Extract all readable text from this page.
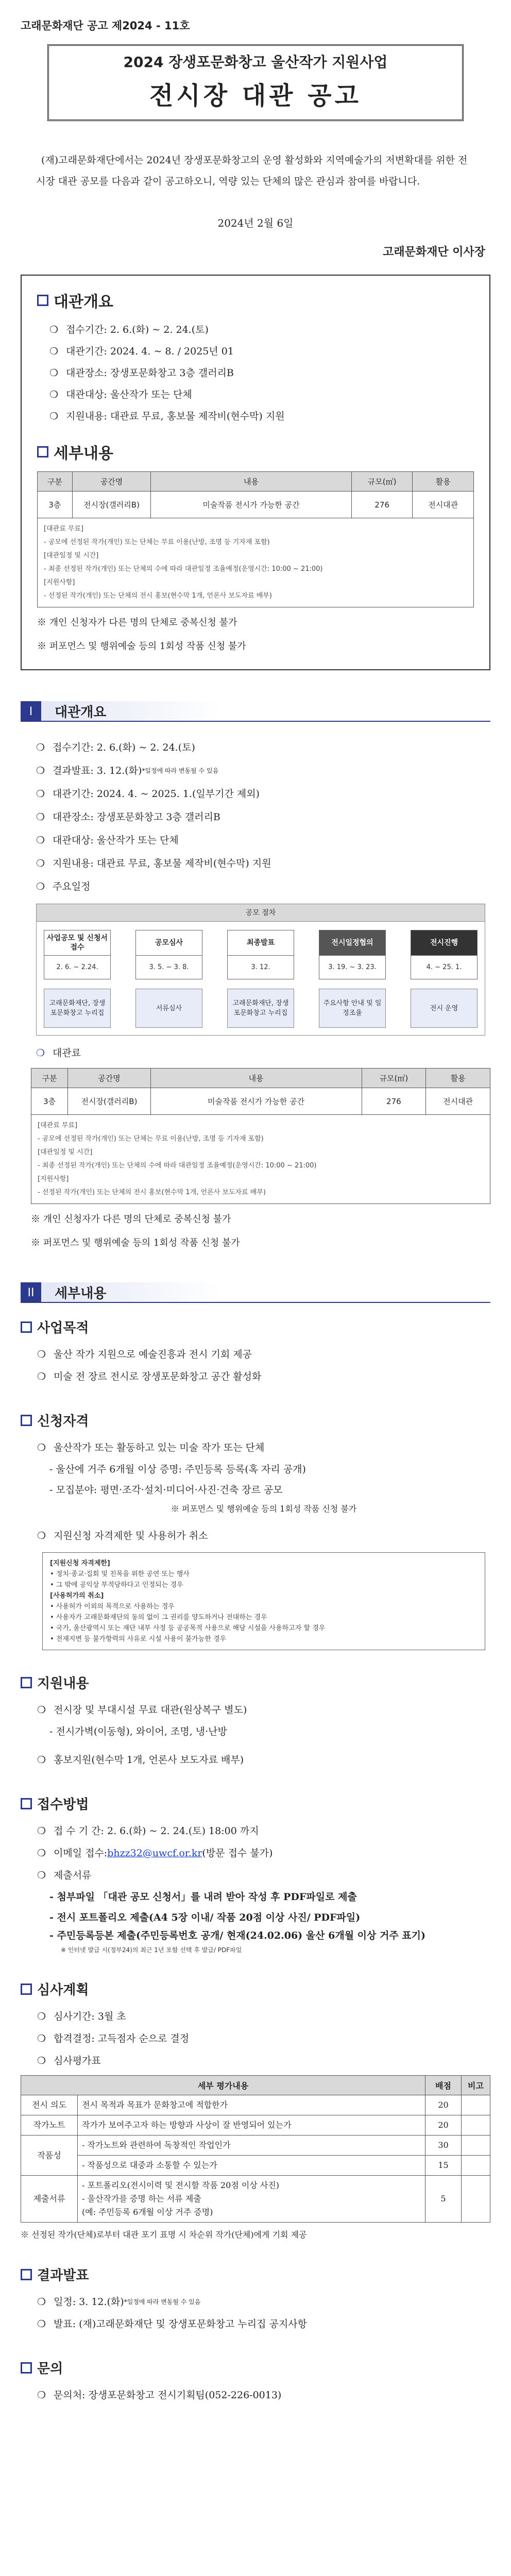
고래문화재단 공고 제2024 - 11호
2024 장생포문화창고 울산작가 지원사업
전시장 대관 공고

(재)고래문화재단에서는 2024년 장생포문화창고의 운영 활성화와 지역예술가의 저변확대를 위한 전시장 대관 공모를 다음과 같이 공고하오니, 역량 있는 단체의 많은 관심과 참여를 바랍니다.

2024년 2월 6일
고래문화재단 이사장
대관개요
❍ 접수기간: 2. 6.(화) ~ 2. 24.(토)
❍ 대관기간: 2024. 4. ~ 8. / 2025년 01
❍ 대관장소: 장생포문화창고 3층 갤러리B
❍ 대관대상: 울산작가 또는 단체
❍ 지원내용: 대관료 무료, 홍보물 제작비(현수막) 지원
세부내용
구분	공간명	내용	규모(㎡)	활용
3층	전시장(갤러리B)	미술작품 전시가 가능한 공간	276	전시대관
[대관료 무료]
- 공모에 선정된 작가(개인) 또는 단체는 무료 이용(난방, 조명 등 기자재 포함)
[대관일정 및 시간]
- 최종 선정된 작가(개인) 또는 단체의 수에 따라 대관일정 조율예정(운영시간: 10:00 ~ 21:00)
[지원사항]
- 선정된 작가(개인) 또는 단체의 전시 홍보(현수막 1개, 언론사 보도자료 배부)
※ 개인 신청자가 다른 명의 단체로 중복신청 불가
※ 퍼포먼스 및 행위예술 등의 1회성 작품 신청 불가
I	대관개요
❍ 접수기간: 2. 6.(화) ~ 2. 24.(토)
❍ 결과발표: 3. 12.(화) *일정에 따라 변동될 수 있음
❍ 대관기간: 2024. 4. ~ 2025. 1.(일부기간 제외)
❍ 대관장소: 장생포문화창고 3층 갤러리B
❍ 대관대상: 울산작가 또는 단체
❍ 지원내용: 대관료 무료, 홍보물 제작비(현수막) 지원
❍ 주요일정
공모 절차
사업공모 및 신청서 접수
2. 6. ~ 2.24.
고래문화재단, 장생포문화창고 누리집
공모심사
3. 5. ~ 3. 8.
서류심사
최종발표
3. 12.
고래문화재단, 장생포문화창고 누리집
전시일정협의
3. 19. ~ 3. 23.
주요사항 안내 및 일정조율
전시진행
4. ~ 25. 1.
전시 운영
❍ 대관료
구분	공간명	내용	규모(㎡)	활용
3층	전시장(갤러리B)	미술작품 전시가 가능한 공간	276	전시대관
[대관료 무료]
- 공모에 선정된 작가(개인) 또는 단체는 무료 이용(난방, 조명 등 기자재 포함)
[대관일정 및 시간]
- 최종 선정된 작가(개인) 또는 단체의 수에 따라 대관일정 조율예정(운영시간: 10:00 ~ 21:00)
[지원사항]
- 선정된 작가(개인) 또는 단체의 전시 홍보(현수막 1개, 언론사 보도자료 배부)
※ 개인 신청자가 다른 명의 단체로 중복신청 불가
※ 퍼포먼스 및 행위예술 등의 1회성 작품 신청 불가
II	세부내용
사업목적
❍ 울산 작가 지원으로 예술진흥과 전시 기회 제공
❍ 미술 전 장르 전시로 장생포문화창고 공간 활성화
신청자격
❍ 울산작가 또는 활동하고 있는 미술 작가 또는 단체
- 울산에 거주 6개월 이상 증명: 주민등록 등록(혹 자리 공개)
- 모집분야: 평면·조각·설치·미디어·사진·건축 장르 공모
※ 퍼포먼스 및 행위예술 등의 1회성 작품 신청 불가
❍ 지원신청 자격제한 및 사용허가 취소
[지원신청 자격제한]
• 정치·종교·집회 및 친목을 위한 공연 또는 행사
• 그 밖에 공익상 부적당하다고 인정되는 경우
[사용허가의 취소]
• 사용허가 이외의 목적으로 사용하는 경우
• 사용자가 고래문화재단의 동의 없이 그 권리를 양도하거나 전대하는 경우
• 국가, 울산광역시 또는 재단 내부 사정 등 공공목적 사용으로 해당 시설을 사용하고자 할 경우
• 천재지변 등 불가항력의 사유로 시설 사용이 불가능한 경우
지원내용
❍ 전시장 및 부대시설 무료 대관(원상복구 별도)
- 전시가벽(이동형), 와이어, 조명, 냉·난방
❍ 홍보지원(현수막 1개, 언론사 보도자료 배부)
접수방법
❍ 접 수 기 간: 2. 6.(화) ~ 2. 24.(토) 18:00 까지
❍ 이메일 접수: bhzz32@uwcf.or.kr (방문 접수 불가)
❍ 제출서류
- 첨부파일 「대관 공모 신청서」를 내려 받아 작성 후 PDF파일로 제출
- 전시 포트폴리오 제출(A4 5장 이내/ 작품 20점 이상 사진/ PDF파일)
- 주민등록등본 제출(주민등록번호 공개/ 현재(24.02.06) 울산 6개월 이상 거주 표기)
※ 인터넷 발급 시(정부24)의 최근 1년 포함 선택 후 발급/ PDF파일
심사계획
❍ 심사기간: 3월 초
❍ 합격결정: 고득점자 순으로 결정
❍ 심사평가표
세부 평가내용		배점	비고
전시 의도	전시 목적과 목표가 문화창고에 적합한가	20	
작가노트	작가가 보여주고자 하는 방향과 사상이 잘 반영되어 있는가	20	
작품성	- 작가노트와 관련하여 독창적인 작업인가	30	
	- 작품성으로 대중과 소통할 수 있는가	15	
제출서류	- 포트폴리오(전시이력 및 전시할 작품 20점 이상 사진)
- 울산작가를 증명 하는 서류 제출
(예: 주민등록 6개월 이상 거주 증명)	5	
※ 선정된 작가(단체)로부터 대관 포기 표명 시 차순위 작가(단체)에게 기회 제공
결과발표
❍ 일정: 3. 12.(화) *일정에 따라 변동될 수 있음
❍ 발표: (재)고래문화재단 및 장생포문화창고 누리집 공지사항
문의
❍ 문의처: 장생포문화창고 전시기획팀(052-226-0013)
